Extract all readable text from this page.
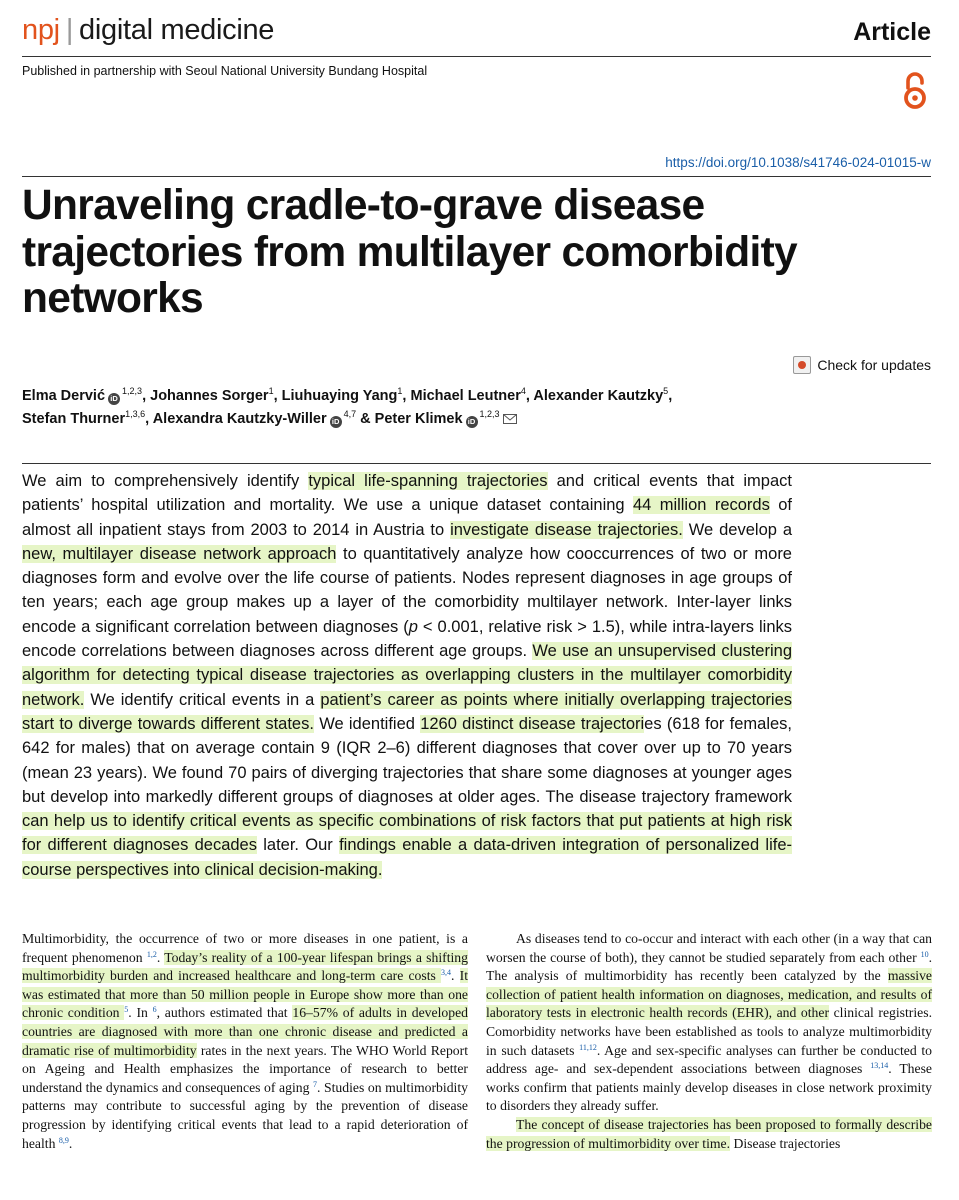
npj | digital medicine	Article
Published in partnership with Seoul National University Bundang Hospital
https://doi.org/10.1038/s41746-024-01015-w
Unraveling cradle-to-grave disease trajectories from multilayer comorbidity networks
Check for updates
Elma Dervić iD$^{1,2,3}$, Johannes Sorger$^1$, Liuhuaying Yang$^1$, Michael Leutner$^4$, Alexander Kautzky$^5$,
Stefan Thurner$^{1,3,6}$, Alexandra Kautzky-Willer iD$^{4,7}$ & Peter Klimek iD$^{1,2,3}$

We aim to comprehensively identify typical life-spanning trajectories and critical events that impact patients’ hospital utilization and mortality. We use a unique dataset containing 44 million records of almost all inpatient stays from 2003 to 2014 in Austria to investigate disease trajectories. We develop a new, multilayer disease network approach to quantitatively analyze how cooccurrences of two or more diagnoses form and evolve over the life course of patients. Nodes represent diagnoses in age groups of ten years; each age group makes up a layer of the comorbidity multilayer network. Inter-layer links encode a significant correlation between diagnoses (p < 0.001, relative risk > 1.5), while intra-layers links encode correlations between diagnoses across different age groups. We use an unsupervised clustering algorithm for detecting typical disease trajectories as overlapping clusters in the multilayer comorbidity network. We identify critical events in a patient’s career as points where initially overlapping trajectories start to diverge towards different states. We identified 1260 distinct disease trajectories (618 for females, 642 for males) that on average contain 9 (IQR 2–6) different diagnoses that cover over up to 70 years (mean 23 years). We found 70 pairs of diverging trajectories that share some diagnoses at younger ages but develop into markedly different groups of diagnoses at older ages. The disease trajectory framework can help us to identify critical events as specific combinations of risk factors that put patients at high risk for different diagnoses decades later. Our findings enable a data-driven integration of personalized life-course perspectives into clinical decision-making.

Multimorbidity, the occurrence of two or more diseases in one patient, is a frequent phenomenon $^{1,2}$. Today’s reality of a 100-year lifespan brings a shifting multimorbidity burden and increased healthcare and long-term care costs $^{3,4}$. It was estimated that more than 50 million people in Europe show more than one chronic condition $^5$. In $^6$, authors estimated that 16–57% of adults in developed countries are diagnosed with more than one chronic disease and predicted a dramatic rise of multimorbidity rates in the next years. The WHO World Report on Ageing and Health emphasizes the importance of research to better understand the dynamics and consequences of aging $^7$. Studies on multimorbidity patterns may contribute to successful aging by the prevention of disease progression by identifying critical events that lead to a rapid deterioration of health $^{8,9}$.

As diseases tend to co-occur and interact with each other (in a way that can worsen the course of both), they cannot be studied separately from each other $^{10}$. The analysis of multimorbidity has recently been catalyzed by the massive collection of patient health information on diagnoses, medication, and results of laboratory tests in electronic health records (EHR), and other clinical registries. Comorbidity networks have been established as tools to analyze multimorbidity in such datasets $^{11,12}$. Age and sex-specific analyses can further be conducted to address age- and sex-dependent associations between diagnoses $^{13,14}$. These works confirm that patients mainly develop diseases in close network proximity to disorders they already suffer.

The concept of disease trajectories has been proposed to formally describe the progression of multimorbidity over time. Disease trajectories
